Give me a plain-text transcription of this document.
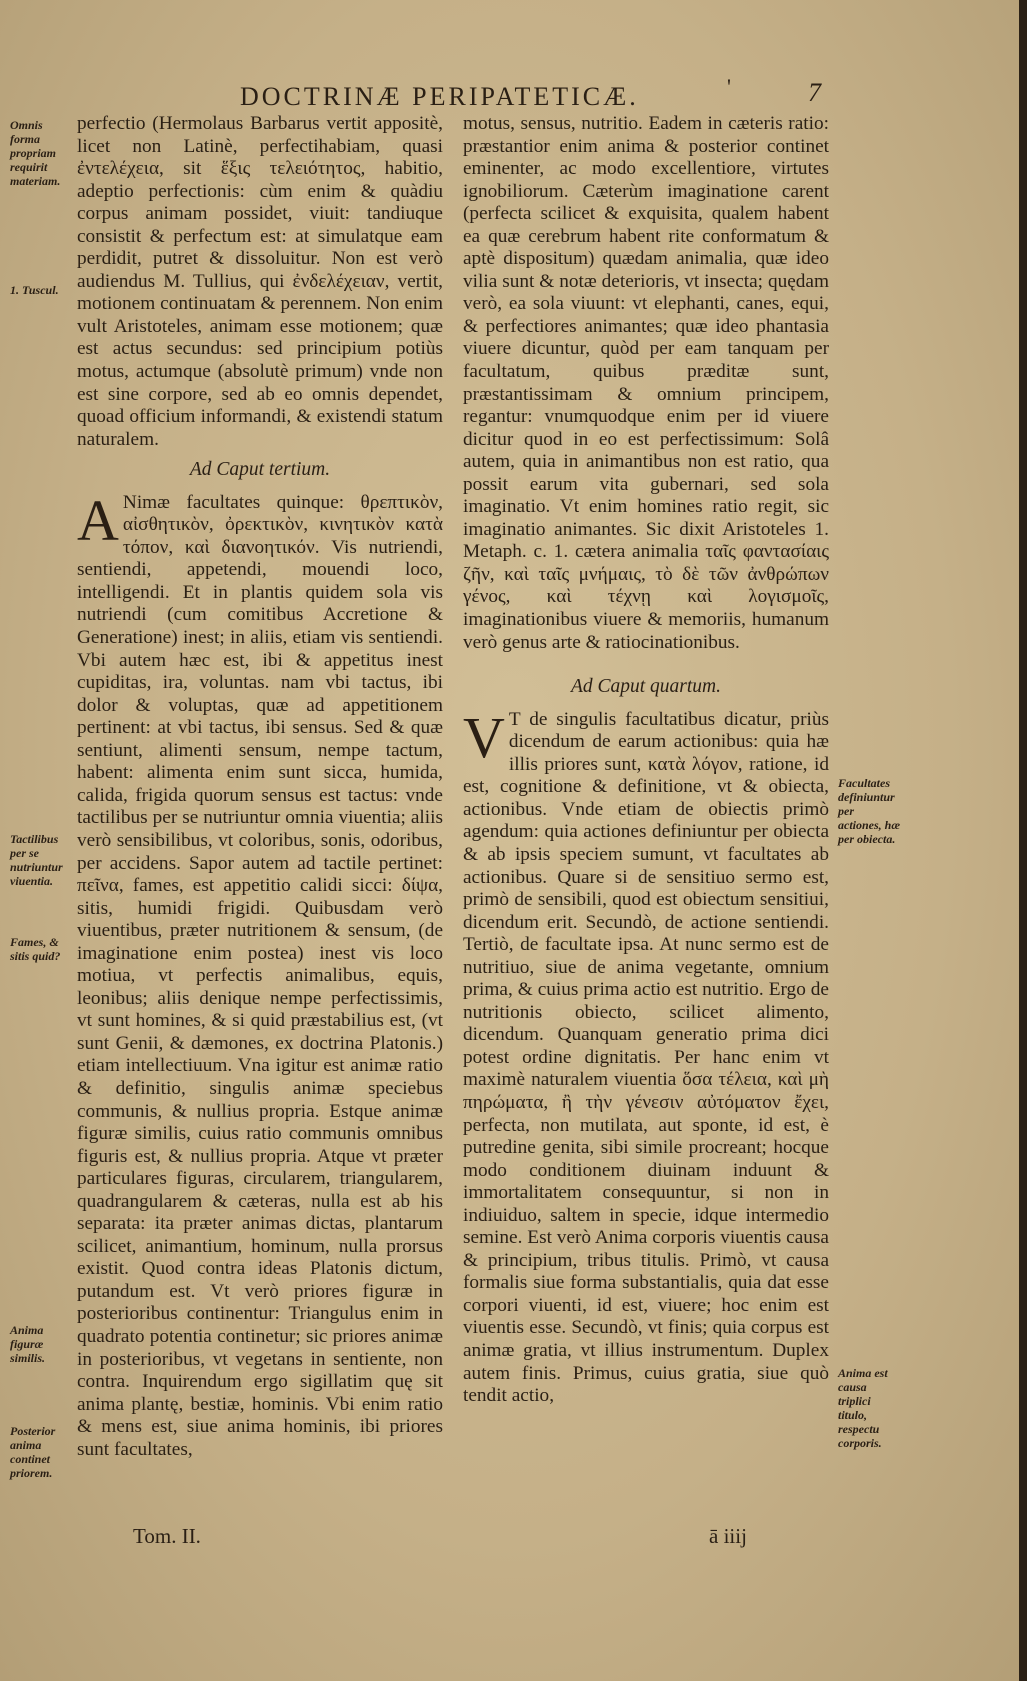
DOCTRINÆ PERIPATETICÆ.	'	7

perfectio (Hermolaus Barbarus vertit appositè, licet non Latinè, perfectihabiam, quasi ἐντελέχεια, sit ἕξις τελειότητος, habitio, adeptio perfectionis: cùm enim & quàdiu corpus animam possidet, viuit: tandiuque consistit & perfectum est: at simulatque eam perdidit, putret & dissoluitur. Non est verò audiendus M. Tullius, qui ἐνδελέχειαν, vertit, motionem continuatam & perennem. Non enim vult Aristoteles, animam esse motionem; quæ est actus secundus: sed principium potiùs motus, actumque (absolutè primum) vnde non est sine corpore, sed ab eo omnis dependet, quoad officium informandi, & existendi statum naturalem.

Ad Caput tertium.

A Nimæ facultates quinque: θρεπτικὸν, αἰσθητικὸν, ὀρεκτικὸν, κινητικὸν κατὰ τόπον, καὶ διανοητικόν. Vis nutriendi, sentiendi, appetendi, mouendi loco, intelligendi. Et in plantis quidem sola vis nutriendi (cum comitibus Accretione & Generatione) inest; in aliis, etiam vis sentiendi. Vbi autem hæc est, ibi & appetitus inest cupiditas, ira, voluntas. nam vbi tactus, ibi dolor & voluptas, quæ ad appetitionem pertinent: at vbi tactus, ibi sensus. Sed & quæ sentiunt, alimenti sensum, nempe tactum, habent: alimenta enim sunt sicca, humida, calida, frigida quorum sensus est tactus: vnde tactilibus per se nutriuntur omnia viuentia; aliis verò sensibilibus, vt coloribus, sonis, odoribus, per accidens. Sapor autem ad tactile pertinet: πεῖνα, fames, est appetitio calidi sicci: δίψα, sitis, humidi frigidi. Quibusdam verò viuentibus, præter nutritionem & sensum, (de imaginatione enim postea) inest vis loco motiua, vt perfectis animalibus, equis, leonibus; aliis denique nempe perfectissimis, vt sunt homines, & si quid præstabilius est, (vt sunt Genii, & dæmones, ex doctrina Platonis.) etiam intellectiuum. Vna igitur est animæ ratio & definitio, singulis animæ speciebus communis, & nullius propria. Estque animæ figuræ similis, cuius ratio communis omnibus figuris est, & nullius propria. Atque vt præter particulares figuras, circularem, triangularem, quadrangularem & cæteras, nulla est ab his separata: ita præter animas dictas, plantarum scilicet, animantium, hominum, nulla prorsus existit. Quod contra ideas Platonis dictum, putandum est. Vt verò priores figuræ in posterioribus continentur: Triangulus enim in quadrato potentia continetur; sic priores animæ in posterioribus, vt vegetans in sentiente, non contra. Inquirendum ergo sigillatim quę sit anima plantę, bestiæ, hominis. Vbi enim ratio & mens est, siue anima hominis, ibi priores sunt facultates,

motus, sensus, nutritio. Eadem in cæteris ratio: præstantior enim anima & posterior continet eminenter, ac modo excellentiore, virtutes ignobiliorum. Cæterùm imaginatione carent (perfecta scilicet & exquisita, qualem habent ea quæ cerebrum habent rite conformatum & aptè dispositum) quædam animalia, quæ ideo vilia sunt & notæ deterioris, vt insecta; quędam verò, ea sola viuunt: vt elephanti, canes, equi, & perfectiores animantes; quæ ideo phantasia viuere dicuntur, quòd per eam tanquam per facultatum, quibus præditæ sunt, præstantissimam & omnium principem, regantur: vnumquodque enim per id viuere dicitur quod in eo est perfectissimum: Solâ autem, quia in animantibus non est ratio, qua possit earum vita gubernari, sed sola imaginatio. Vt enim homines ratio regit, sic imaginatio animantes. Sic dixit Aristoteles 1. Metaph. c. 1. cætera animalia ταῖς φαντασίαις ζῆν, καὶ ταῖς μνήμαις, τὸ δὲ τῶν ἀνθρώπων γένος, καὶ τέχνῃ καὶ λογισμοῖς, imaginationibus viuere & memoriis, humanum verò genus arte & ratiocinationibus.

Ad Caput quartum.

V T de singulis facultatibus dicatur, priùs dicendum de earum actionibus: quia hæ illis priores sunt, κατὰ λόγον, ratione, id est, cognitione & definitione, vt & obiecta, actionibus. Vnde etiam de obiectis primò agendum: quia actiones definiuntur per obiecta & ab ipsis speciem sumunt, vt facultates ab actionibus. Quare si de sensitiuo sermo est, primò de sensibili, quod est obiectum sensitiui, dicendum erit. Secundò, de actione sentiendi. Tertiò, de facultate ipsa. At nunc sermo est de nutritiuo, siue de anima vegetante, omnium prima, & cuius prima actio est nutritio. Ergo de nutritionis obiecto, scilicet alimento, dicendum. Quanquam generatio prima dici potest ordine dignitatis. Per hanc enim vt maximè naturalem viuentia ὅσα τέλεια, καὶ μὴ πηρώματα, ἢ τὴν γένεσιν αὐτόματον ἔχει, perfecta, non mutilata, aut sponte, id est, è putredine genita, sibi simile procreant; hocque modo conditionem diuinam induunt & immortalitatem consequuntur, si non in indiuiduo, saltem in specie, idque intermedio semine. Est verò Anima corporis viuentis causa & principium, tribus titulis. Primò, vt causa formalis siue forma substantialis, quia dat esse corpori viuenti, id est, viuere; hoc enim est viuentis esse. Secundò, vt finis; quia corpus est animæ gratia, vt illius instrumentum. Duplex autem finis. Primus, cuius gratia, siue quò tendit actio,

Omnis forma propriam requirit materiam.
1. Tuscul.
Tactilibus per se nutriuntur viuentia.
Fames, & sitis quid?
Anima figuræ similis.
Posterior anima continet priorem.
Facultates definiuntur per actiones, hæ per obiecta.
Anima est causa triplici titulo, respectu corporis.
Tom. II.	ā iiij
